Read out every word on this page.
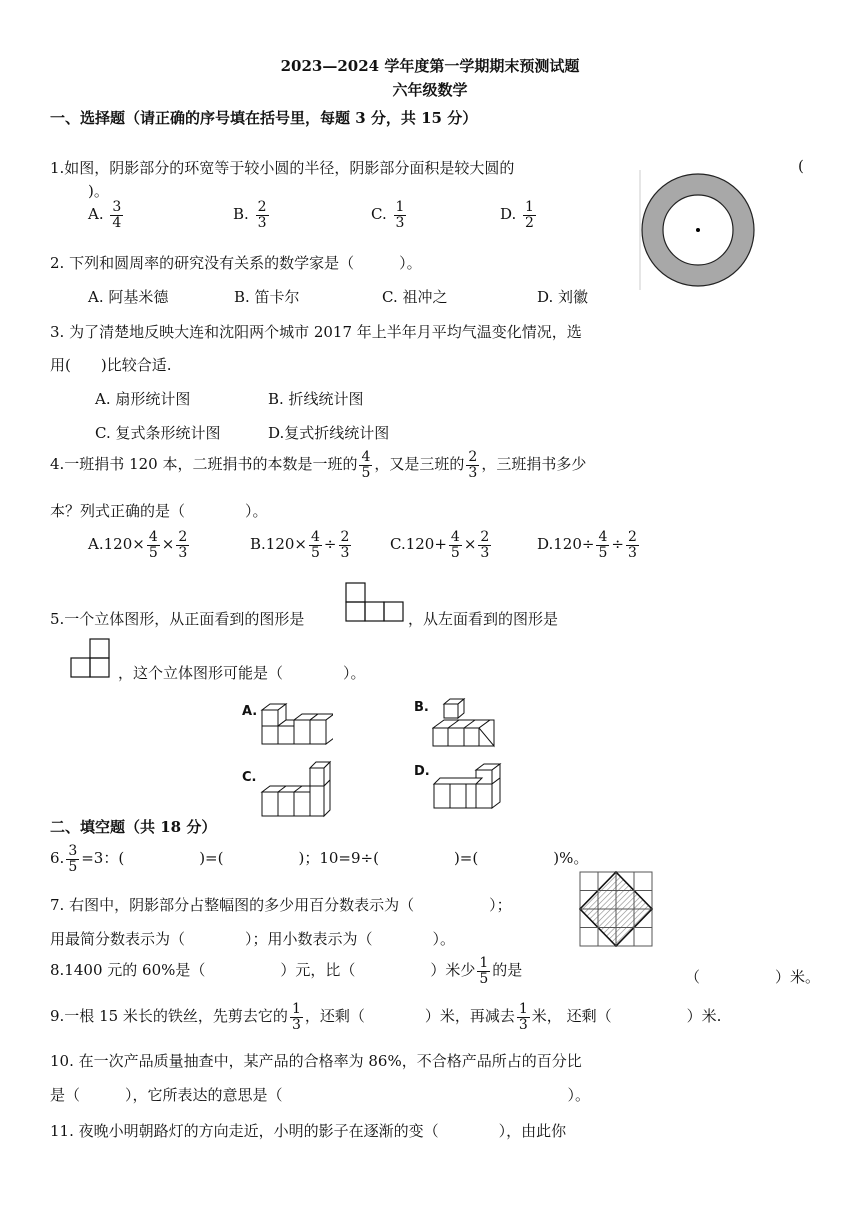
2023—2024 学年度第一学期期末预测试题
六年级数学
一、选择题（请正确的序号填在括号里，每题 3 分，共 15 分）
1.如图，阴影部分的环宽等于较小圆的半径，阴影部分面积是较大圆的	(
)。
A. $\frac{3}{4}$	B. $\frac{2}{3}$	C. $\frac{1}{3}$	D. $\frac{1}{2}$
2. 下列和圆周率的研究没有关系的数学家是（　　　）。
A. 阿基米德	B. 笛卡尔	C. 祖冲之	D. 刘徽
3. 为了清楚地反映大连和沈阳两个城市 2017 年上半年月平均气温变化情况，选
用(　　)比较合适.
A. 扇形统计图	B. 折线统计图
C. 复式条形统计图	D.复式折线统计图
4.一班捐书 120 本，二班捐书的本数是一班的 $\frac{4}{5}$ ，又是三班的 $\frac{2}{3}$ ，三班捐书多少
本？列式正确的是（　　　　）。
$A.120\times \frac{4}{5} \times \frac{2}{3}$	$B.120\times \frac{4}{5} \div \frac{2}{3}$	$C.120+ \frac{4}{5} \times \frac{2}{3}$	$D.120\div \frac{4}{5} \div \frac{2}{3}$
5.一个立体图形，从正面看到的图形是	，从左面看到的图形是
，这个立体图形可能是（　　　　）。
A.	B.
C.	D.
二、填空题（共 18 分）
6. $\frac{3}{5} =3$：(　　　　　)=(　　　　　)；10=9÷(　　　　　)=(　　　　　)%。
7. 右图中，阴影部分占整幅图的多少用百分数表示为（　　　　　）；
用最简分数表示为（　　　　）；用小数表示为（　　　　）。
8.1400 元的 60%是（　　　　　）元，比（　　　　　）米少 $\frac{1}{5}$ 的是	（　　　　　）米。
9.一根 15 米长的铁丝，先剪去它的 $\frac{1}{3}$ ，还剩（　　　　）米，再减去 $\frac{1}{3}$ 米， 还剩（　　　　　）米.
10. 在一次产品质量抽查中，某产品的合格率为 86%，不合格产品所占的百分比
是（　　　），它所表达的意思是（　　　　　　　　　　　　　　　　　　　）。
11. 夜晚小明朝路灯的方向走近，小明的影子在逐渐的变（　　　　），由此你
